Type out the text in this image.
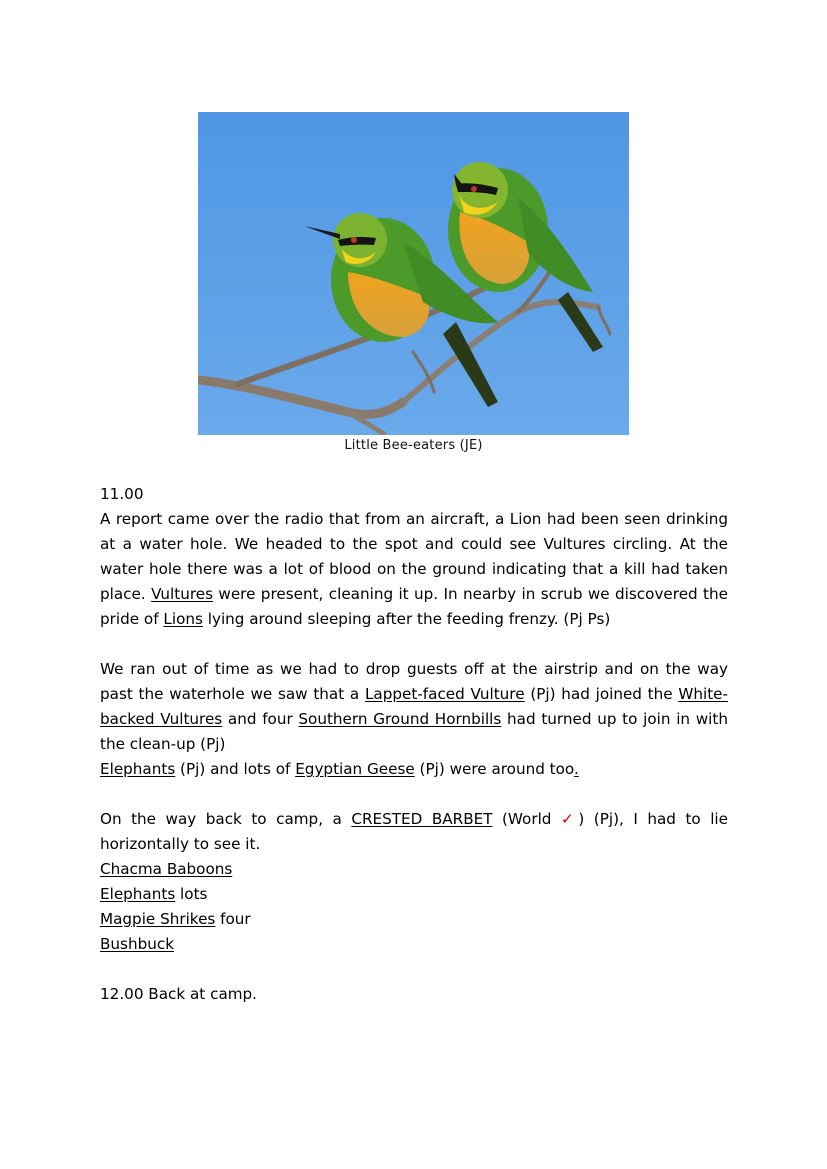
Little Bee-eaters (JE)

11.00

A report came over the radio that from an aircraft, a Lion had been seen drinking at a water hole. We headed to the spot and could see Vultures circling. At the water hole there was a lot of blood on the ground indicating that a kill had taken place. Vultures were present, cleaning it up. In nearby in scrub we discovered the pride of Lions lying around sleeping after the feeding frenzy. (Pj Ps)

We ran out of time as we had to drop guests off at the airstrip and on the way past the waterhole we saw that a Lappet-faced Vulture (Pj) had joined the White-backed Vultures and four Southern Ground Hornbills had turned up to join in with the clean-up (Pj)

Elephants (Pj) and lots of Egyptian Geese (Pj) were around too.

On the way back to camp, a CRESTED BARBET (World ✓) (Pj), I had to lie horizontally to see it.

Chacma Baboons

Elephants lots

Magpie Shrikes four

Bushbuck

12.00 Back at camp.
